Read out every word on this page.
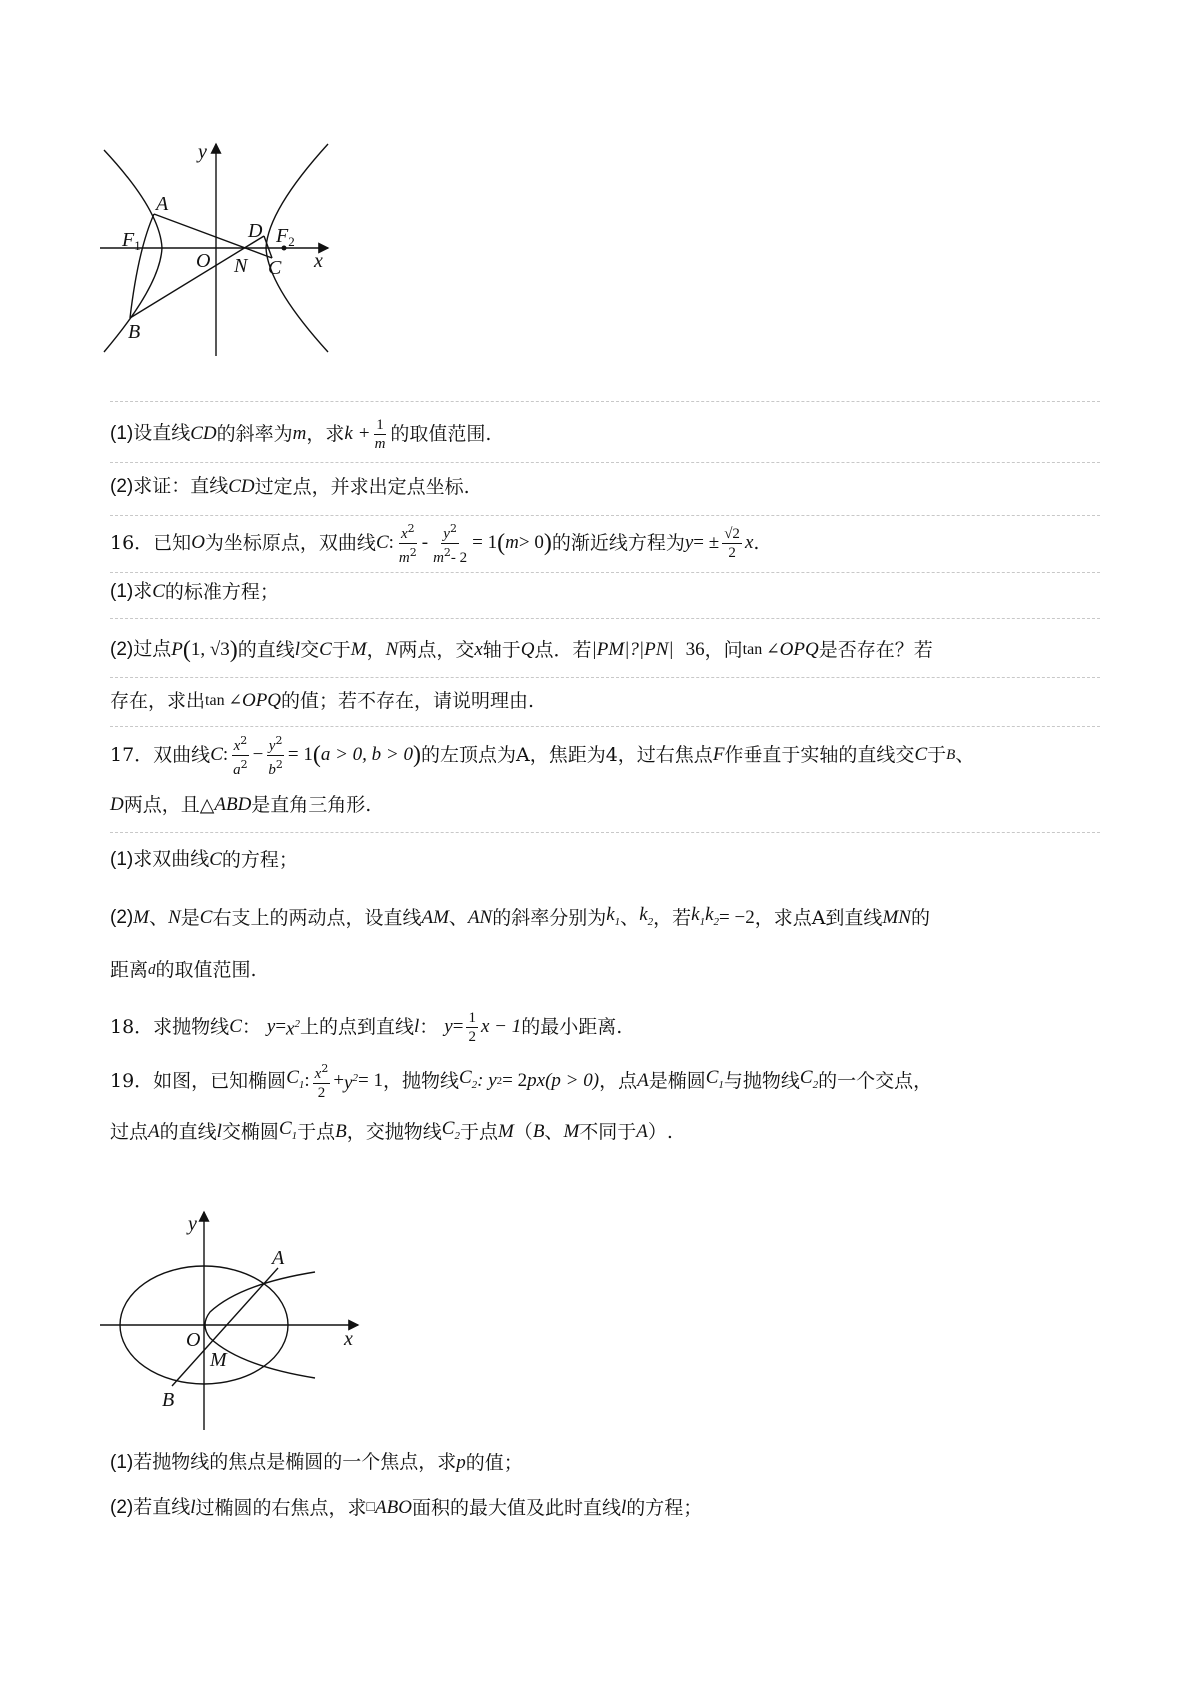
y
x
A
$F_1$
O N
D $F_2$
C
B
(1)设直线 CD 的斜率为 m ，求 $k + \frac{1}{m}$ 的取值范围.
(2)求证：直线 CD 过定点，并求出定点坐标.
16．已知 O 为坐标原点，双曲线 C : $\frac{x^2}{m^2} - \frac{y^2}{m^2- 2} = 1$ ( m > 0 ) 的渐近线方程为 y = ± $\frac{√2}{2}$ x .
(1)求 C 的标准方程；
(2)过点 P ( 1, √3 ) 的直线 l 交 C 于 M ， N 两点，交 x 轴于 Q 点．若 |PM|?|PN| 36 ，问 tan ∠ OPQ 是否存在？若
存在，求出 tan ∠ OPQ 的值；若不存在，请说明理由.
17．双曲线 C : $\frac{x^2}{a^2} - \frac{y^2}{b^2} = 1$ ( a > 0, b > 0 ) 的左顶点为A，焦距为4，过右焦点 F 作垂直于实轴的直线交 C 于 B 、
D 两点，且△ ABD 是直角三角形.
(1)求双曲线 C 的方程；
(2) M 、 N 是 C 右支上的两动点，设直线 AM 、 AN 的斜率分别为 $k_1$ 、 $k_2$ ，若 $k_1k_2 = -2$ ，求点A到直线 MN 的
距离 d 的取值范围.
18．求抛物线 C ： $y = x^2$ 上的点到直线 l ： $y = \frac{1}{2}$ x − 1 的最小距离.
19．如图，已知椭圆 $C_1$ : $\frac{x^2}{2} + y^2 = 1$ ，抛物线 $C_2$ : y 2 = 2 px (p > 0) ，点 A 是椭圆 $C_1$ 与抛物线 $C_2$ 的一个交点，
过点 A 的直线 l 交椭圆 $C_1$ 于点 B ，交抛物线 $C_2$ 于点 M （ B 、 M 不同于 A ）.
y
x
A
O
M
B
(1)若抛物线的焦点是椭圆的一个焦点，求 p 的值；
(2)若直线 l 过椭圆的右焦点，求 □ ABO 面积的最大值及此时直线 l 的方程；
